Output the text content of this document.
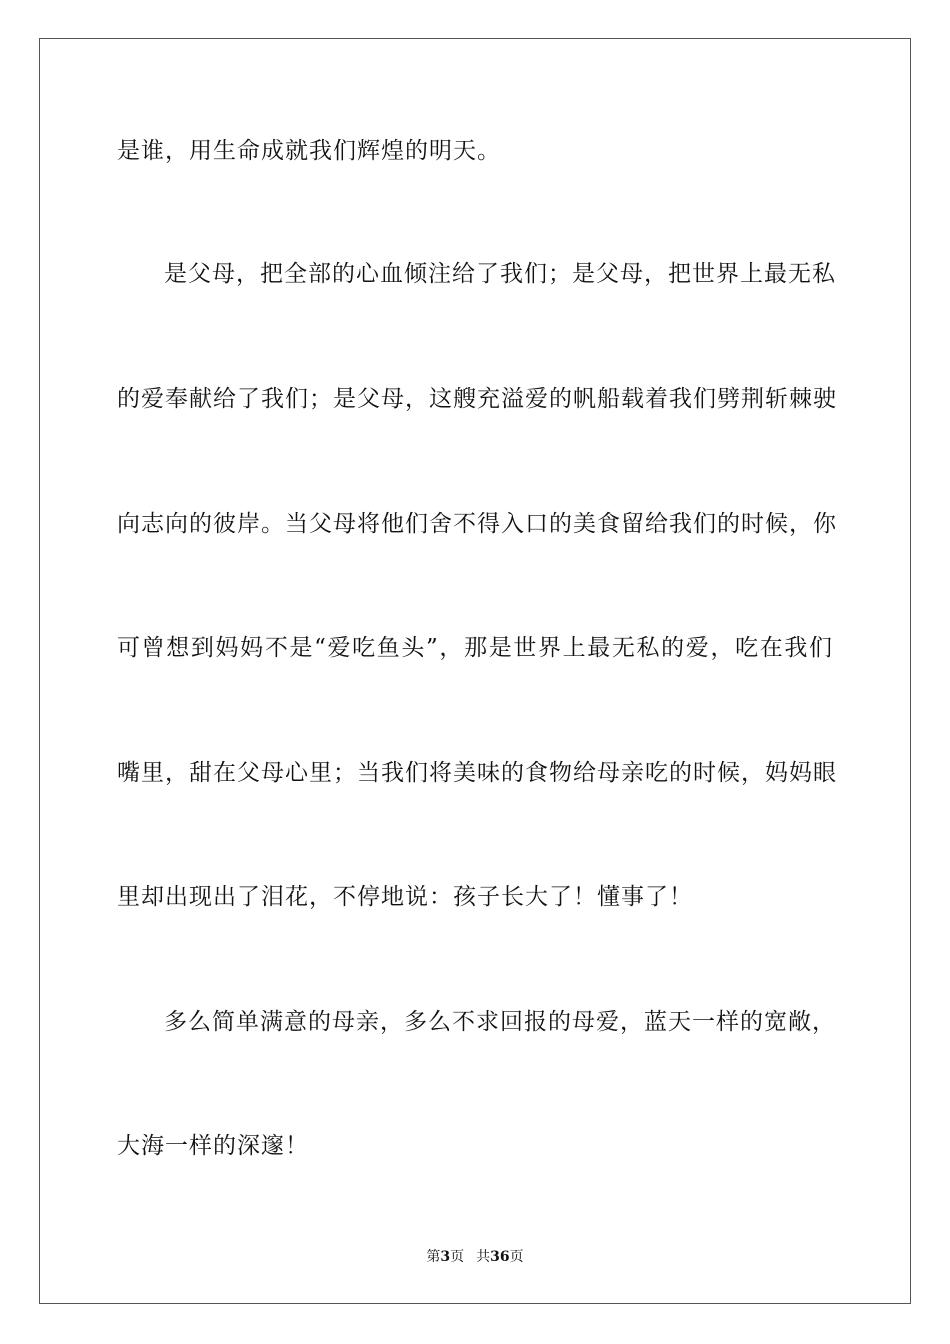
是谁，用生命成就我们辉煌的明天。
是父母，把全部的心血倾注给了我们；是父母，把世界上最无私
的爱奉献给了我们；是父母，这艘充溢爱的帆船载着我们劈荆斩棘驶
向志向的彼岸。当父母将他们舍不得入口的美食留给我们的时候，你
可曾想到妈妈不是“爱吃鱼头”，那是世界上最无私的爱，吃在我们
嘴里，甜在父母心里；当我们将美味的食物给母亲吃的时候，妈妈眼
里却出现出了泪花，不停地说：孩子长大了！懂事了！
多么简单满意的母亲，多么不求回报的母爱，蓝天一样的宽敞，
大海一样的深邃！
第3页 共36页
